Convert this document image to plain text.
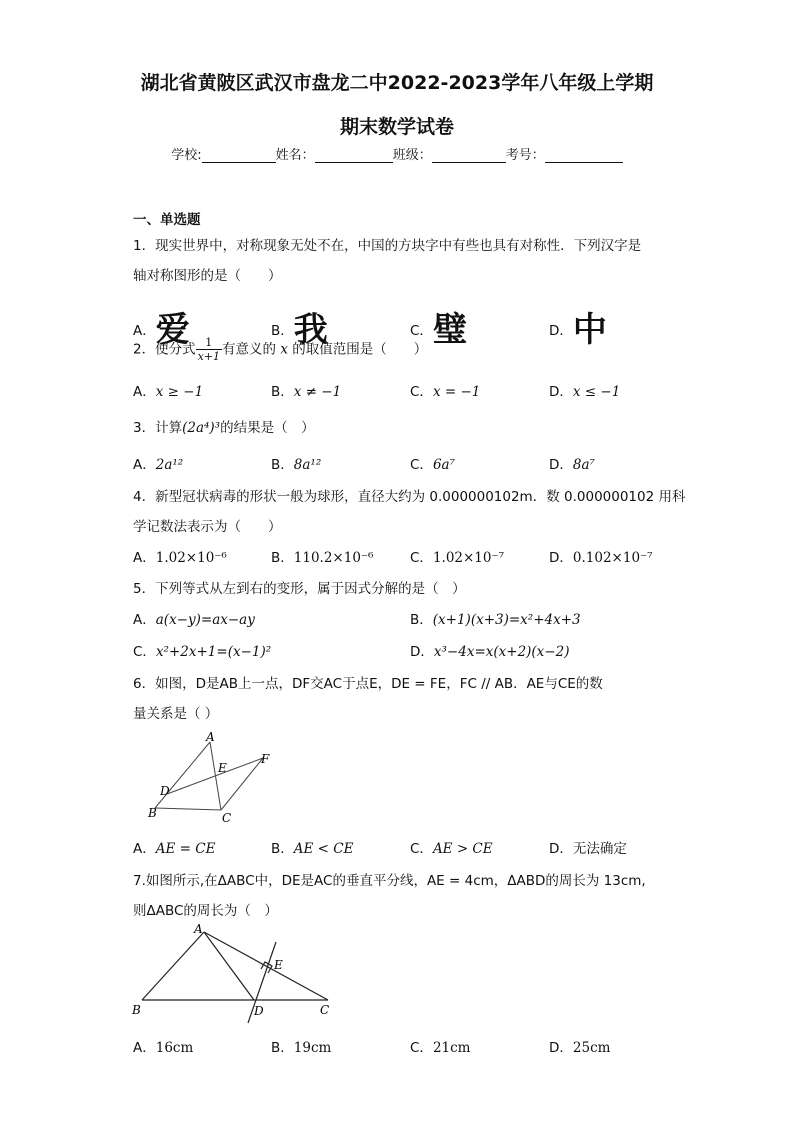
湖北省黄陂区武汉市盘龙二中2022-2023学年八年级上学期
期末数学试卷
学校:	姓名：	班级：	考号：
一、单选题
1．现实世界中，对称现象无处不在，中国的方块字中有些也具有对称性．下列汉字是
轴对称图形的是（　　）
A．爱	B．我	C．璧	D．中
2．使分式 $\frac{1}{x+1}$ 有意义的 x 的取值范围是（　　）
A．x ≥ −1	B．x ≠ −1	C．x = −1	D．x ≤ −1
3．计算(2a⁴)³的结果是（　）
A．2a¹²	B．8a¹²	C．6a⁷	D．8a⁷
4．新型冠状病毒的形状一般为球形，直径大约为 0.000000102m．数 0.000000102 用科
学记数法表示为（　　）
A．1.02×10⁻⁶	B．110.2×10⁻⁶	C．1.02×10⁻⁷	D．0.102×10⁻⁷
5．下列等式从左到右的变形，属于因式分解的是（　）
A．a(x−y)=ax−ay	B．(x+1)(x+3)=x²+4x+3
C．x²+2x+1=(x−1)²	D．x³−4x=x(x+2)(x−2)
6．如图，D是AB上一点，DF交AC于点E，DE = FE，FC // AB．AE与CE的数
量关系是（ ）
A
B	C
D
E
F
A．AE = CE	B．AE < CE	C．AE > CE	D．无法确定
7.如图所示,在ΔABC中，DE是AC的垂直平分线，AE = 4cm，ΔABD的周长为 13cm,
则ΔABC的周长为（　）
A
B	C
D
E
A．16cm	B．19cm	C．21cm	D．25cm
